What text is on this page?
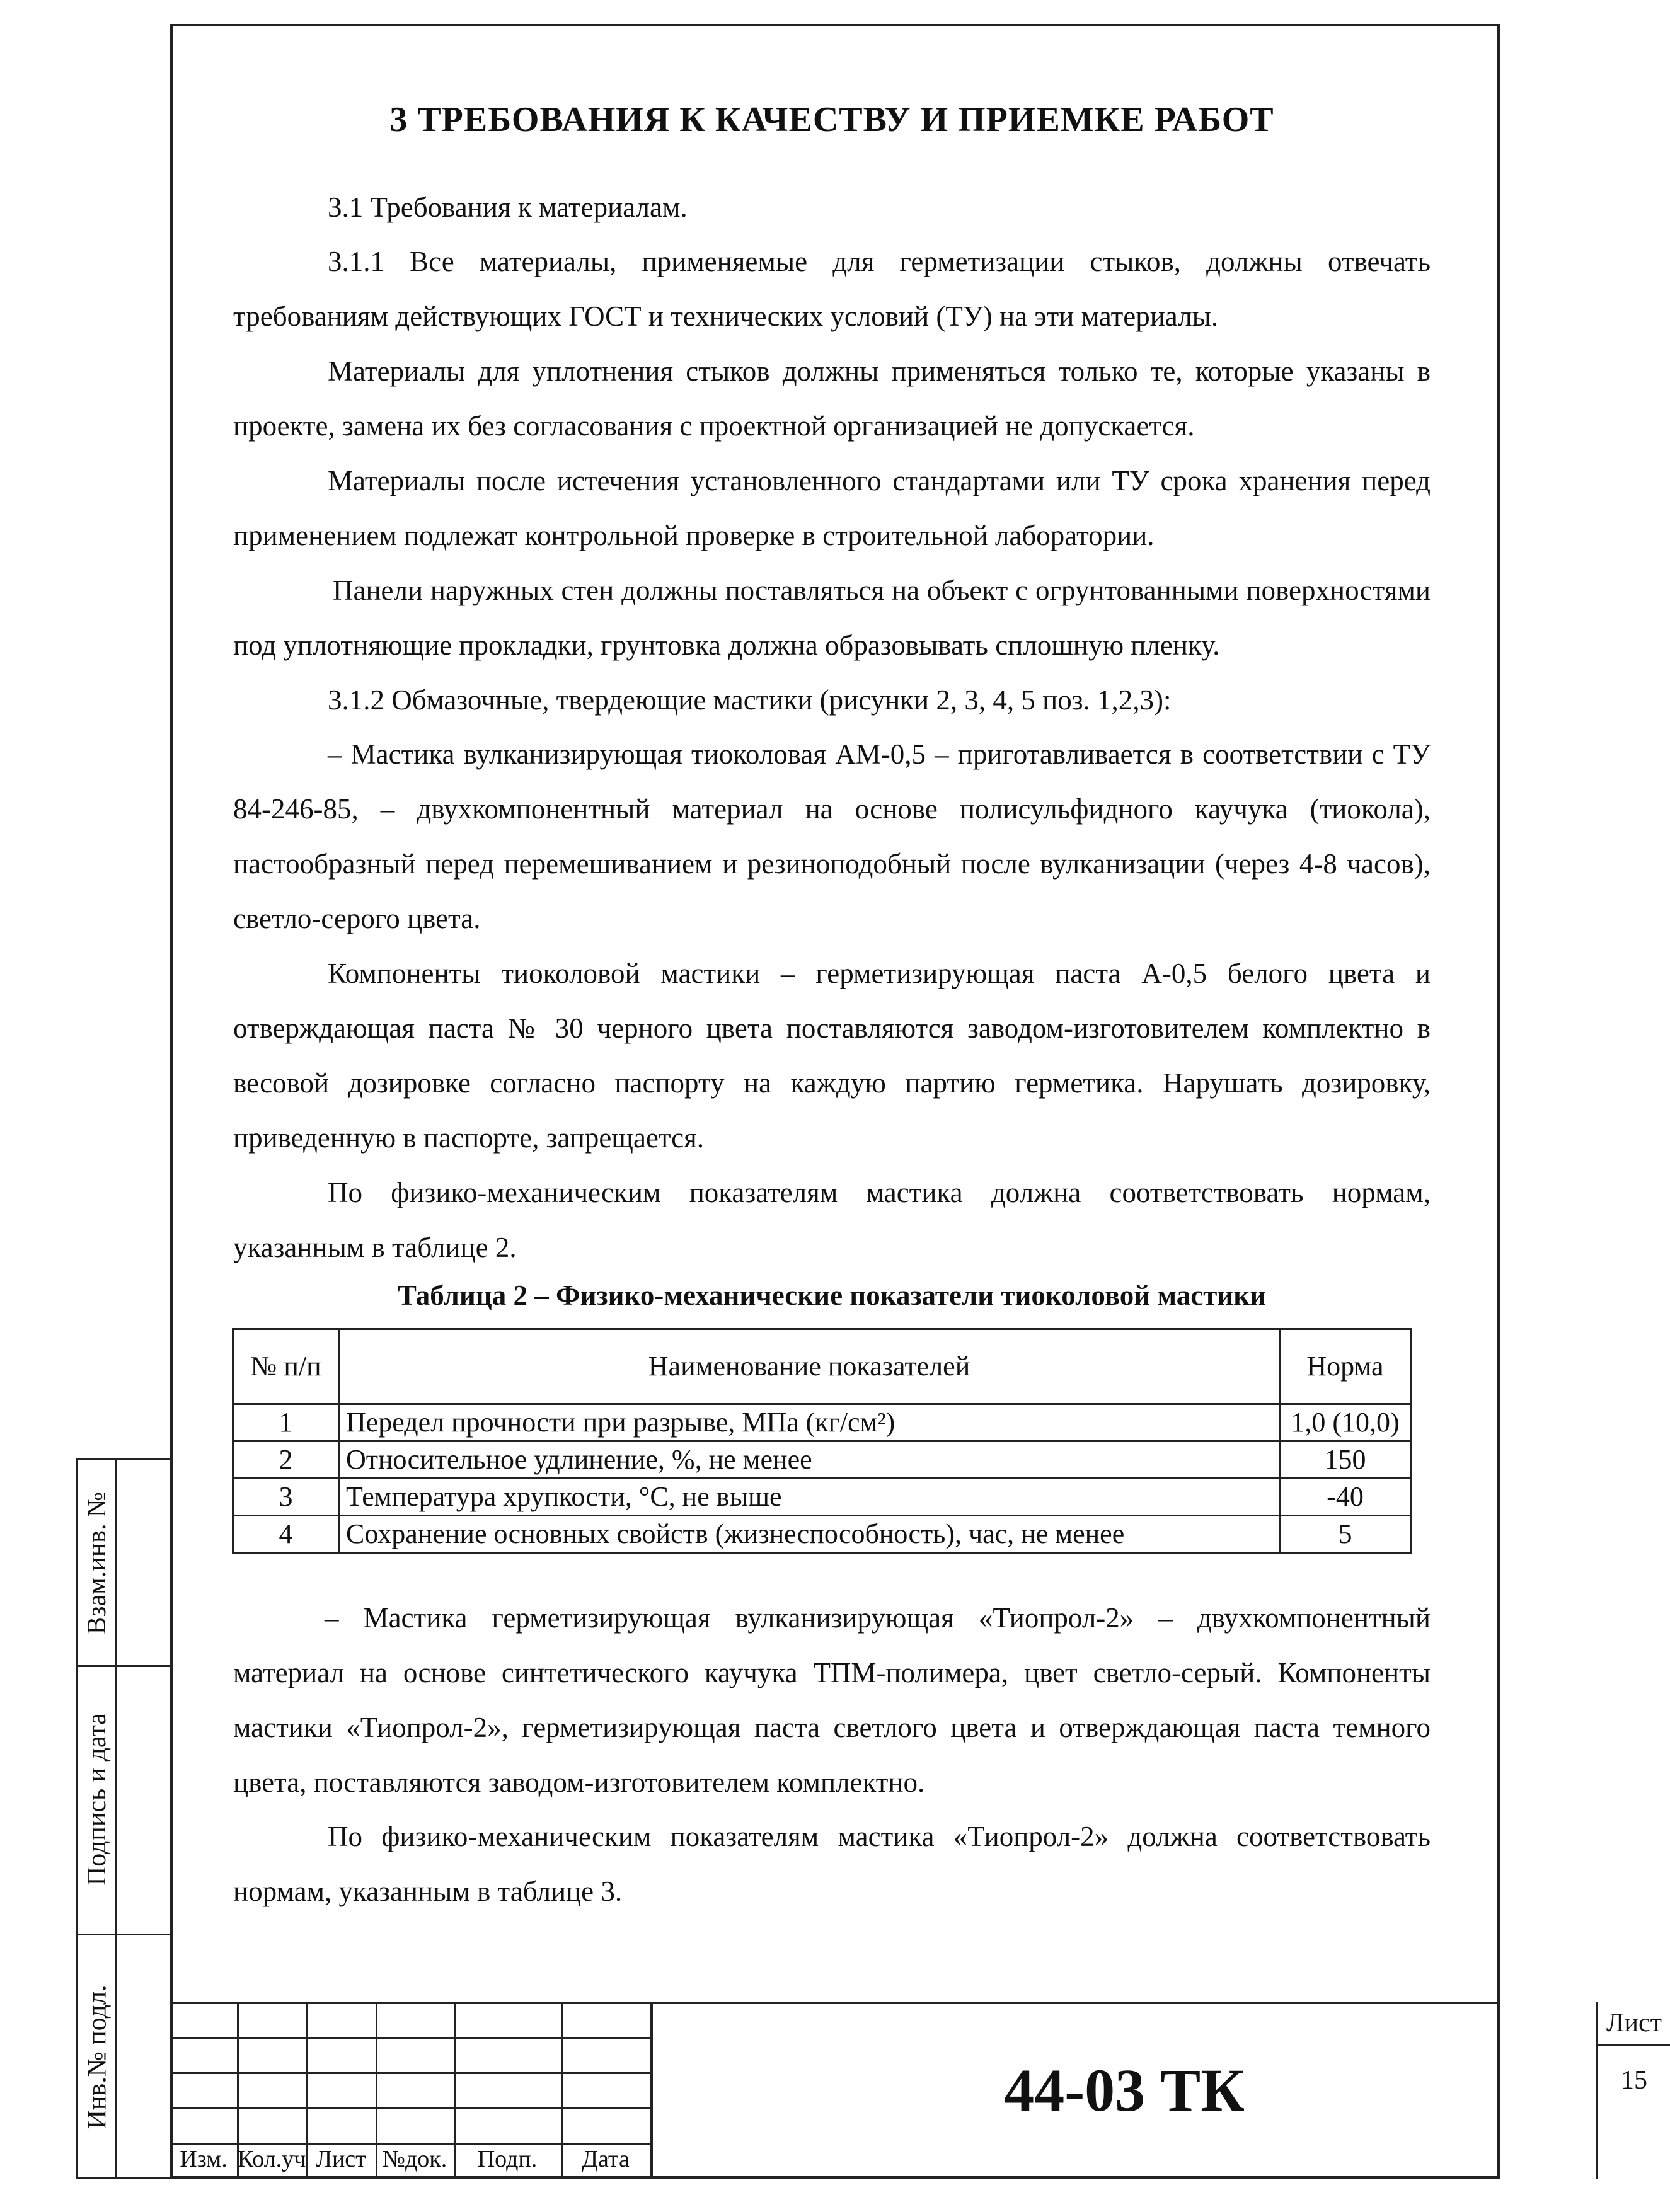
Взам.инв. №
Подпись и дата
Инв.№ подл.
3 ТРЕБОВАНИЯ К КАЧЕСТВУ И ПРИЕМКЕ РАБОТ

3.1 Требования к материалам.

3.1.1 Все материалы, применяемые для герметизации стыков, должны отвечать требованиям действующих ГОСТ и технических условий (ТУ) на эти материалы.

Материалы для уплотнения стыков должны применяться только те, которые указаны в проекте, замена их без согласования с проектной организацией не допускается.

Материалы после истечения установленного стандартами или ТУ срока хранения перед применением подлежат контрольной проверке в строительной лаборатории.

Панели наружных стен должны поставляться на объект с огрунтованными поверхностями под уплотняющие прокладки, грунтовка должна образовывать сплошную пленку.

3.1.2 Обмазочные, твердеющие мастики (рисунки 2, 3, 4, 5 поз. 1,2,3):

– Мастика вулканизирующая тиоколовая АМ-0,5 – приготавливается в соответствии с ТУ 84-246-85, – двухкомпонентный материал на основе полисульфидного каучука (тиокола), пастообразный перед перемешиванием и резиноподобный после вулканизации (через 4-8 часов), светло-серого цвета.

Компоненты тиоколовой мастики – герметизирующая паста А-0,5 белого цвета и отверждающая паста № 30 черного цвета поставляются заводом-изготовителем комплектно в весовой дозировке согласно паспорту на каждую партию герметика. Нарушать дозировку, приведенную в паспорте, запрещается.

По физико-механическим показателям мастика должна соответствовать нормам, указанным в таблице 2.

Таблица 2 – Физико-механические показатели тиоколовой мастики
№ п/п	Наименование показателей	Норма
1	Передел прочности при разрыве, МПа (кг/см²)	1,0 (10,0)
2	Относительное удлинение, %, не менее	150
3	Температура хрупкости, °С, не выше	-40
4	Сохранение основных свойств (жизнеспособность), час, не менее	5

– Мастика герметизирующая вулканизирующая «Тиопрол-2» – двухкомпонентный материал на основе синтетического каучука ТПМ-полимера, цвет светло-серый. Компоненты мастики «Тиопрол-2», герметизирующая паста светлого цвета и отверждающая паста темного цвета, поставляются заводом-изготовителем комплектно.

По физико-механическим показателям мастика «Тиопрол-2» должна соответствовать нормам, указанным в таблице 3.

Изм. Кол.уч Лист №док.	Подп.	Дата
44-03 ТК
Лист
15
